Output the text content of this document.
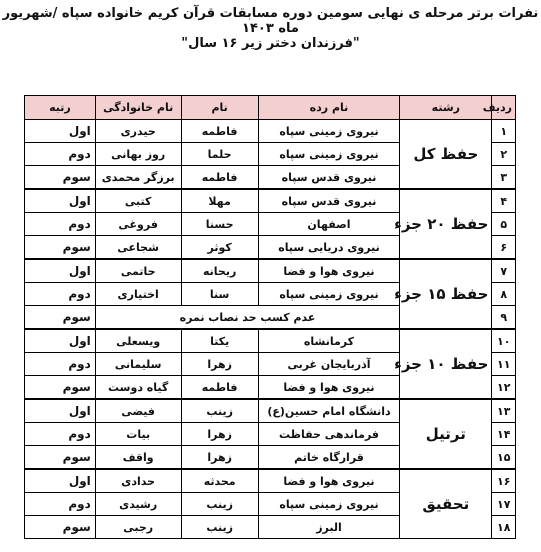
نفرات برتر مرحله ی نهایی سومین دوره مسابقات قرآن کریم خانواده سپاه /شهریور ماه ۱۴۰۳
"فرزندان دختر زیر ۱۶ سال"
ردیف	رشته	نام رده	نام	نام خانوادگی	رتبه
۱	حفظ کل	نیروی زمینی سپاه	فاطمه	حیدری	اول
۲		نیروی زمینی سپاه	حلما	روز بهانی	دوم
۳		نیروی قدس سپاه	فاطمه	برزگر محمدی	سوم
۴	حفظ ۲۰ جزء	نیروی قدس سپاه	مهلا	کتبی	اول
۵		اصفهان	حسنا	فروغی	دوم
۶		نیروی دریایی سپاه	کوثر	شجاعی	سوم
۷	حفظ ۱۵ جزء	نیروی هوا و فضا	ریحانه	حاتمی	اول
۸		نیروی زمینی سپاه	سنا	اختیاری	دوم
۹		عدم کسب حد نصاب نمره			سوم
۱۰	حفظ ۱۰ جزء	کرمانشاه	یکتا	ویسعلی	اول
۱۱		آذربایجان غربی	زهرا	سلیمانی	دوم
۱۲		نیروی هوا و فضا	فاطمه	گیاه دوست	سوم
۱۳	ترتیل	دانشگاه امام حسین(ع)	زینب	فیضی	اول
۱۴		فرماندهی حفاظت	زهرا	بیات	دوم
۱۵		قرارگاه خاتم	زهرا	واقف	سوم
۱۶	تحقیق	نیروی هوا و فضا	محدثه	حدادی	اول
۱۷		نیروی زمینی سپاه	زینب	رشیدی	دوم
۱۸		البرز	زینب	رجبی	سوم
